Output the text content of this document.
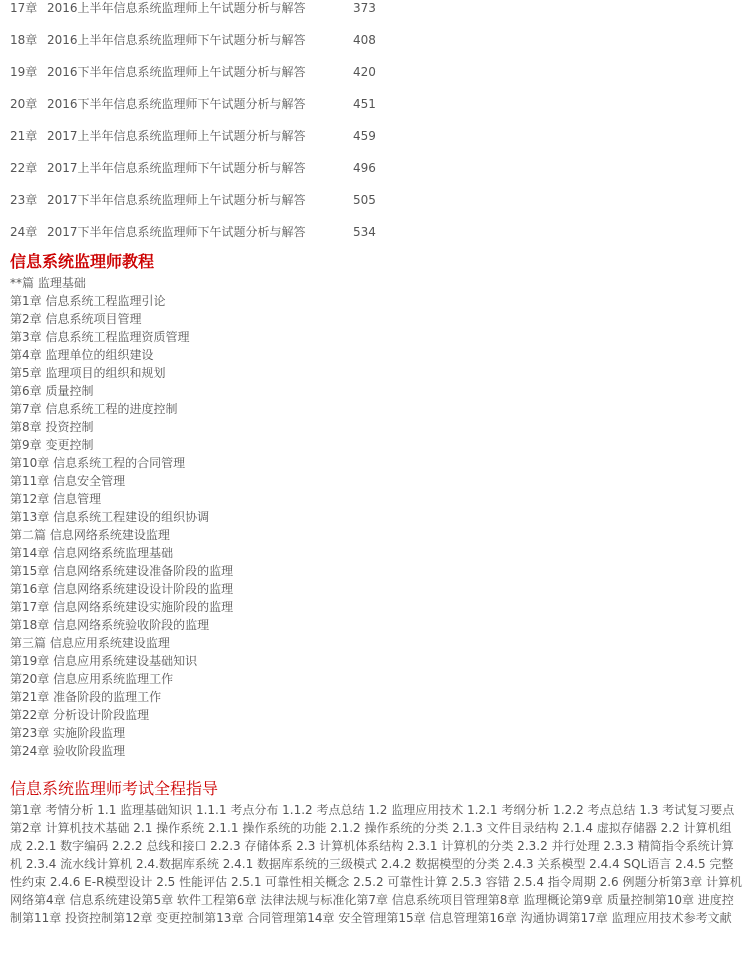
17章 2016上半年信息系统监理师上午试题分析与解答	373
18章 2016上半年信息系统监理师下午试题分析与解答	408
19章 2016下半年信息系统监理师上午试题分析与解答	420
20章 2016下半年信息系统监理师下午试题分析与解答	451
21章 2017上半年信息系统监理师上午试题分析与解答	459
22章 2017上半年信息系统监理师下午试题分析与解答	496
23章 2017下半年信息系统监理师上午试题分析与解答	505
24章 2017下半年信息系统监理师下午试题分析与解答	534
信息系统监理师教程
**篇 监理基础
第1章 信息系统工程监理引论
第2章 信息系统项目管理
第3章 信息系统工程监理资质管理
第4章 监理单位的组织建设
第5章 监理项目的组织和规划
第6章 质量控制
第7章 信息系统工程的进度控制
第8章 投资控制
第9章 变更控制
第10章 信息系统工程的合同管理
第11章 信息安全管理
第12章 信息管理
第13章 信息系统工程建设的组织协调
第二篇 信息网络系统建设监理
第14章 信息网络系统监理基础
第15章 信息网络系统建设准备阶段的监理
第16章 信息网络系统建设设计阶段的监理
第17章 信息网络系统建设实施阶段的监理
第18章 信息网络系统验收阶段的监理
第三篇 信息应用系统建设监理
第19章 信息应用系统建设基础知识
第20章 信息应用系统监理工作
第21章 准备阶段的监理工作
第22章 分析设计阶段监理
第23章 实施阶段监理
第24章 验收阶段监理
信息系统监理师考试全程指导
第1章 考情分析 1.1 监理基础知识 1.1.1 考点分布 1.1.2 考点总结 1.2 监理应用技术 1.2.1 考纲分析 1.2.2 考点总结 1.3 考试复习要点第2章 计算机技术基础 2.1 操作系统 2.1.1 操作系统的功能 2.1.2 操作系统的分类 2.1.3 文件目录结构 2.1.4 虚拟存储器 2.2 计算机组成 2.2.1 数字编码 2.2.2 总线和接口 2.2.3 存储体系 2.3 计算机体系结构 2.3.1 计算机的分类 2.3.2 并行处理 2.3.3 精简指令系统计算机 2.3.4 流水线计算机 2.4.数据库系统 2.4.1 数据库系统的三级模式 2.4.2 数据模型的分类 2.4.3 关系模型 2.4.4 SQL语言 2.4.5 完整性约束 2.4.6 E-R模型设计 2.5 性能评估 2.5.1 可靠性相关概念 2.5.2 可靠性计算 2.5.3 容错 2.5.4 指令周期 2.6 例题分析第3章 计算机网络第4章 信息系统建设第5章 软件工程第6章 法律法规与标准化第7章 信息系统项目管理第8章 监理概论第9章 质量控制第10章 进度控制第11章 投资控制第12章 变更控制第13章 合同管理第14章 安全管理第15章 信息管理第16章 沟通协调第17章 监理应用技术参考文献
